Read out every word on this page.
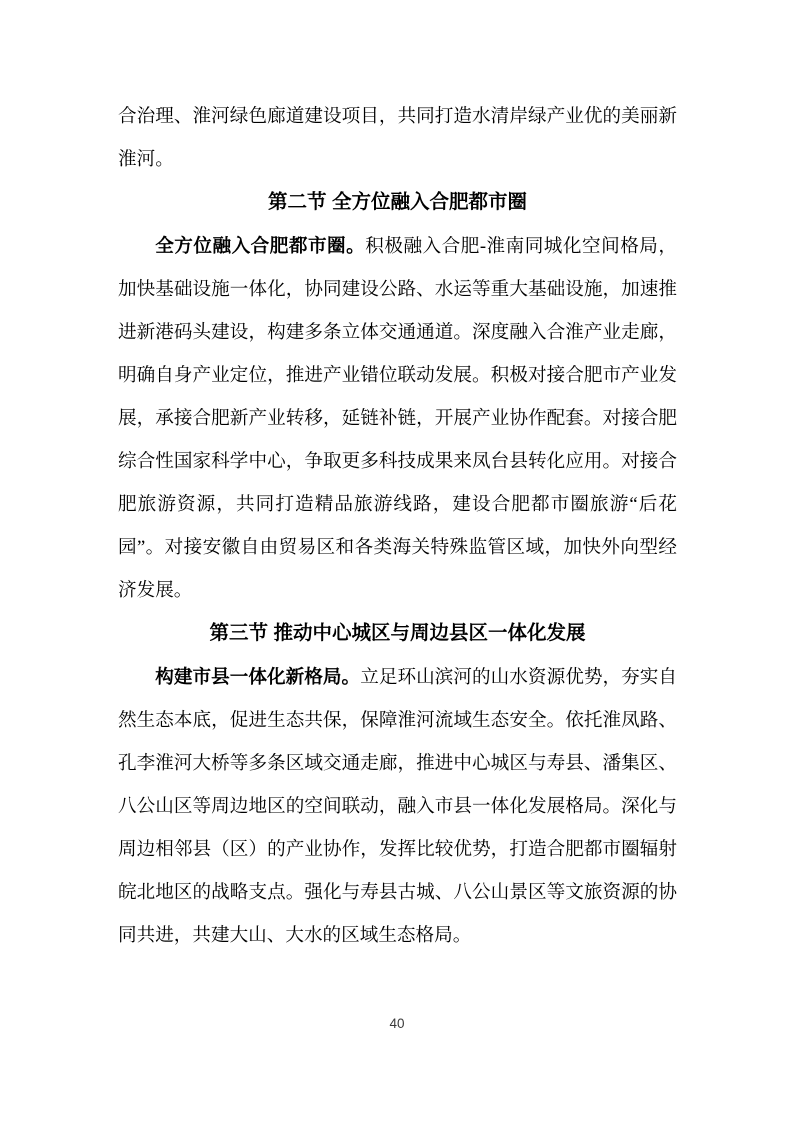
合治理、淮河绿色廊道建设项目，共同打造水清岸绿产业优的美丽新淮河。

第二节 全方位融入合肥都市圈

全方位融入合肥都市圈。积极融入合肥-淮南同城化空间格局，加快基础设施一体化，协同建设公路、水运等重大基础设施，加速推进新港码头建设，构建多条立体交通通道。深度融入合淮产业走廊，明确自身产业定位，推进产业错位联动发展。积极对接合肥市产业发展，承接合肥新产业转移，延链补链，开展产业协作配套。对接合肥综合性国家科学中心，争取更多科技成果来凤台县转化应用。对接合肥旅游资源，共同打造精品旅游线路，建设合肥都市圈旅游“后花园”。对接安徽自由贸易区和各类海关特殊监管区域，加快外向型经济发展。

第三节 推动中心城区与周边县区一体化发展

构建市县一体化新格局。立足环山滨河的山水资源优势，夯实自然生态本底，促进生态共保，保障淮河流域生态安全。依托淮凤路、孔李淮河大桥等多条区域交通走廊，推进中心城区与寿县、潘集区、八公山区等周边地区的空间联动，融入市县一体化发展格局。深化与周边相邻县（区）的产业协作，发挥比较优势，打造合肥都市圈辐射皖北地区的战略支点。强化与寿县古城、八公山景区等文旅资源的协同共进，共建大山、大水的区域生态格局。

40
